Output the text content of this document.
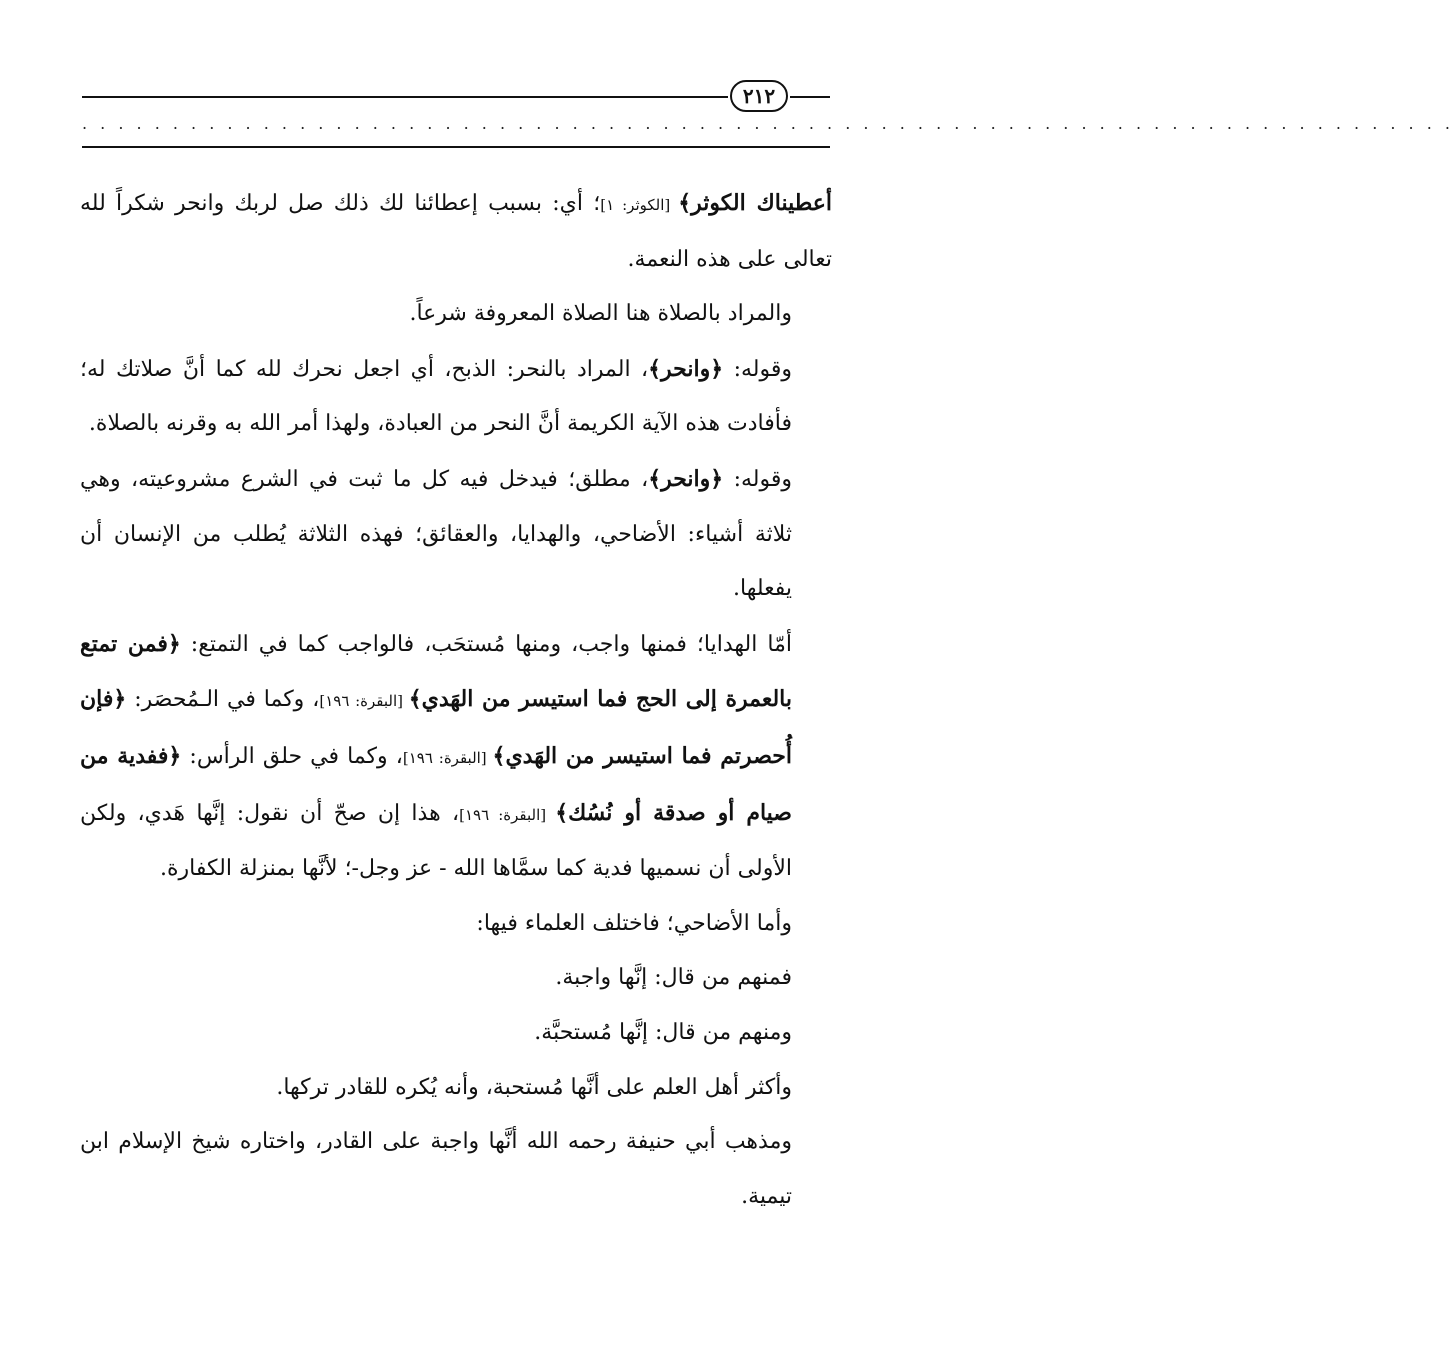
٢١٢
. . . . . . . . . . . . . . . . . . . . . . . . . . . . . . . . . . . . . . . . . . . . . . . . . . . . . . . . . . . . . . . . . . . . . . . . . . . .

أعطيناك الكوثر﴾ [الكوثر: ١]؛ أي: بسبب إعطائنا لك ذلك صل لربك وانحر شكراً لله تعالى على هذه النعمة.

والمراد بالصلاة هنا الصلاة المعروفة شرعاً.

وقوله: ﴿وانحر﴾، المراد بالنحر: الذبح، أي اجعل نحرك لله كما أنَّ صلاتك له؛ فأفادت هذه الآية الكريمة أنَّ النحر من العبادة، ولهذا أمر الله به وقرنه بالصلاة.

وقوله: ﴿وانحر﴾، مطلق؛ فيدخل فيه كل ما ثبت في الشرع مشروعيته، وهي ثلاثة أشياء: الأضاحي، والهدايا، والعقائق؛ فهذه الثلاثة يُطلب من الإنسان أن يفعلها.

أمّا الهدايا؛ فمنها واجب، ومنها مُستحَب، فالواجب كما في التمتع: ﴿فمن تمتع بالعمرة إلى الحج فما استيسر من الهَدي﴾ [البقرة: ١٩٦]، وكما في الـمُحصَر: ﴿فإن أُحصرتم فما استيسر من الهَدي﴾ [البقرة: ١٩٦]، وكما في حلق الرأس: ﴿ففدية من صيام أو صدقة أو نُسُك﴾ [البقرة: ١٩٦]، هذا إن صحّ أن نقول: إنَّها هَدي، ولكن الأولى أن نسميها فدية كما سمَّاها الله - عز وجل-؛ لأنَّها بمنزلة الكفارة.

وأما الأضاحي؛ فاختلف العلماء فيها:

فمنهم من قال: إنَّها واجبة.

ومنهم من قال: إنَّها مُستحبَّة.

وأكثر أهل العلم على أنَّها مُستحبة، وأنه يُكره للقادر تركها.

ومذهب أبي حنيفة رحمه الله أنَّها واجبة على القادر، واختاره شيخ الإسلام ابن تيمية.
